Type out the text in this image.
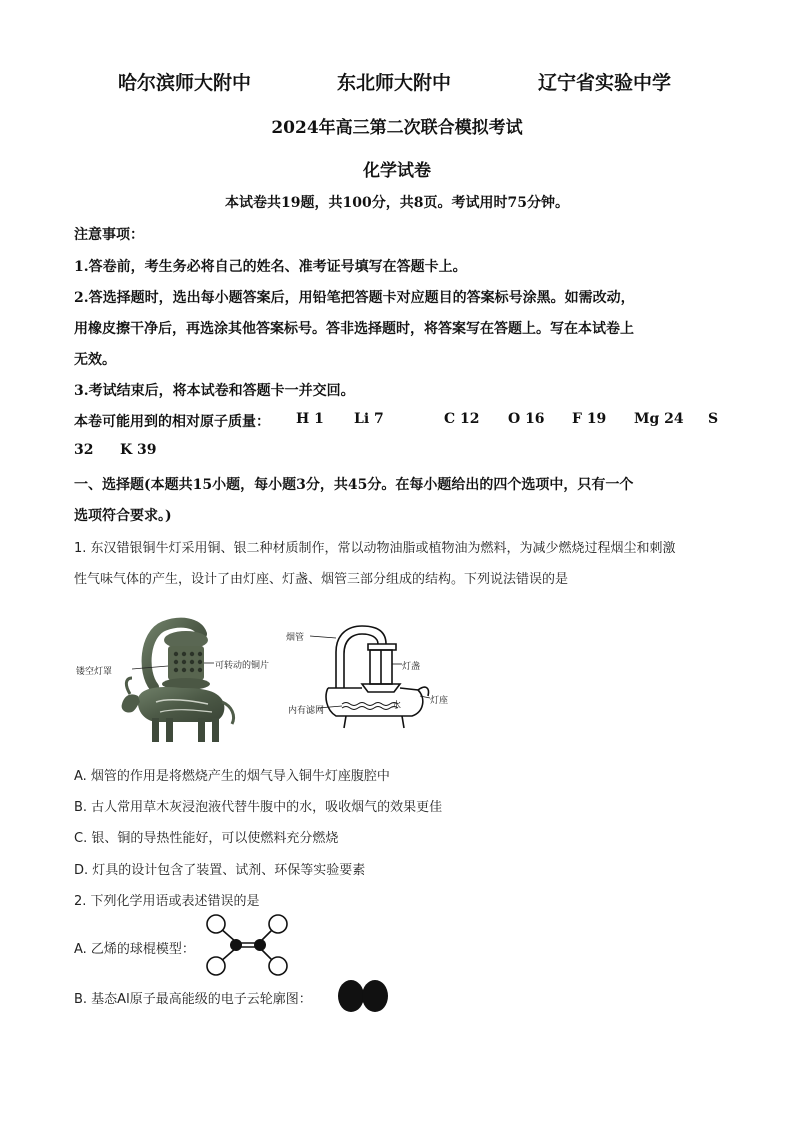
哈尔滨师大附中	东北师大附中	辽宁省实验中学
2024年高三第二次联合模拟考试
化学试卷
本试卷共19题，共100分，共8页。考试用时75分钟。
注意事项：
1.答卷前，考生务必将自己的姓名、准考证号填写在答题卡上。
2.答选择题时，选出每小题答案后，用铅笔把答题卡对应题目的答案标号涂黑。如需改动，
用橡皮擦干净后，再选涂其他答案标号。答非选择题时，将答案写在答题上。写在本试卷上
无效。
3.考试结束后，将本试卷和答题卡一并交回。
本卷可能用到的相对原子质量： H 1 Li 7	C 12 O 16 F 19 Mg 24 S
32 K 39
一、选择题(本题共15小题，每小题3分，共45分。在每小题给出的四个选项中，只有一个
选项符合要求。)
1. 东汉错银铜牛灯采用铜、银二种材质制作，常以动物油脂或植物油为燃料，为减少燃烧过程烟尘和刺激
性气味气体的产生，设计了由灯座、灯盏、烟管三部分组成的结构。下列说法错误的是
镂空灯罩
可转动的铜片
烟管
灯盏
灯座
内有滤网	水
A. 烟管的作用是将燃烧产生的烟气导入铜牛灯座腹腔中
B. 古人常用草木灰浸泡液代替牛腹中的水，吸收烟气的效果更佳
C. 银、铜的导热性能好，可以使燃料充分燃烧
D. 灯具的设计包含了装置、试剂、环保等实验要素
2. 下列化学用语或表述错误的是
A. 乙烯的球棍模型：
B. 基态Al原子最高能级的电子云轮廓图：
